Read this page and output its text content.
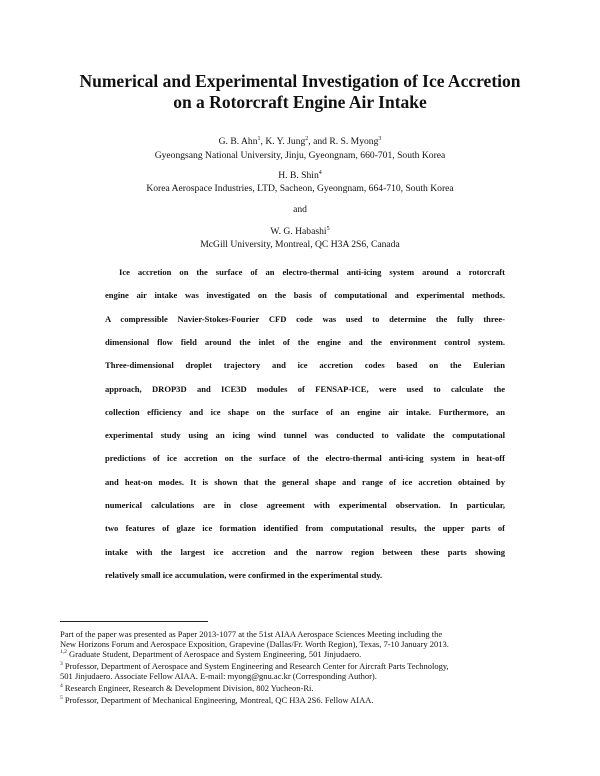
Numerical and Experimental Investigation of Ice Accretion
on a Rotorcraft Engine Air Intake
G. B. Ahn$^1$, K. Y. Jung$^2$, and R. S. Myong$^3$
Gyeongsang National University, Jinju, Gyeongnam, 660-701, South Korea
H. B. Shin$^4$
Korea Aerospace Industries, LTD, Sacheon, Gyeongnam, 664-710, South Korea
and
W. G. Habashi$^5$
McGill University, Montreal, QC H3A 2S6, Canada
Ice accretion on the surface of an electro-thermal anti-icing system around a rotorcraft
engine air intake was investigated on the basis of computational and experimental methods.
A compressible Navier-Stokes-Fourier CFD code was used to determine the fully three-
dimensional flow field around the inlet of the engine and the environment control system.
Three-dimensional droplet trajectory and ice accretion codes based on the Eulerian
approach, DROP3D and ICE3D modules of FENSAP-ICE, were used to calculate the
collection efficiency and ice shape on the surface of an engine air intake. Furthermore, an
experimental study using an icing wind tunnel was conducted to validate the computational
predictions of ice accretion on the surface of the electro-thermal anti-icing system in heat-off
and heat-on modes. It is shown that the general shape and range of ice accretion obtained by
numerical calculations are in close agreement with experimental observation. In particular,
two features of glaze ice formation identified from computational results, the upper parts of
intake with the largest ice accretion and the narrow region between these parts showing
relatively small ice accumulation, were confirmed in the experimental study.
Part of the paper was presented as Paper 2013-1077 at the 51st AIAA Aerospace Sciences Meeting including the
New Horizons Forum and Aerospace Exposition, Grapevine (Dallas/Fr. Worth Region), Texas, 7-10 January 2013.
$^{1,2}$ Graduate Student, Department of Aerospace and System Engineering, 501 Jinjudaero.
$^3$ Professor, Department of Aerospace and System Engineering and Research Center for Aircraft Parts Technology,
501 Jinjudaero. Associate Fellow AIAA. E-mail: myong@gnu.ac.kr (Corresponding Author).
$^4$ Research Engineer, Research & Development Division, 802 Yucheon-Ri.
$^5$ Professor, Department of Mechanical Engineering, Montreal, QC H3A 2S6. Fellow AIAA.
